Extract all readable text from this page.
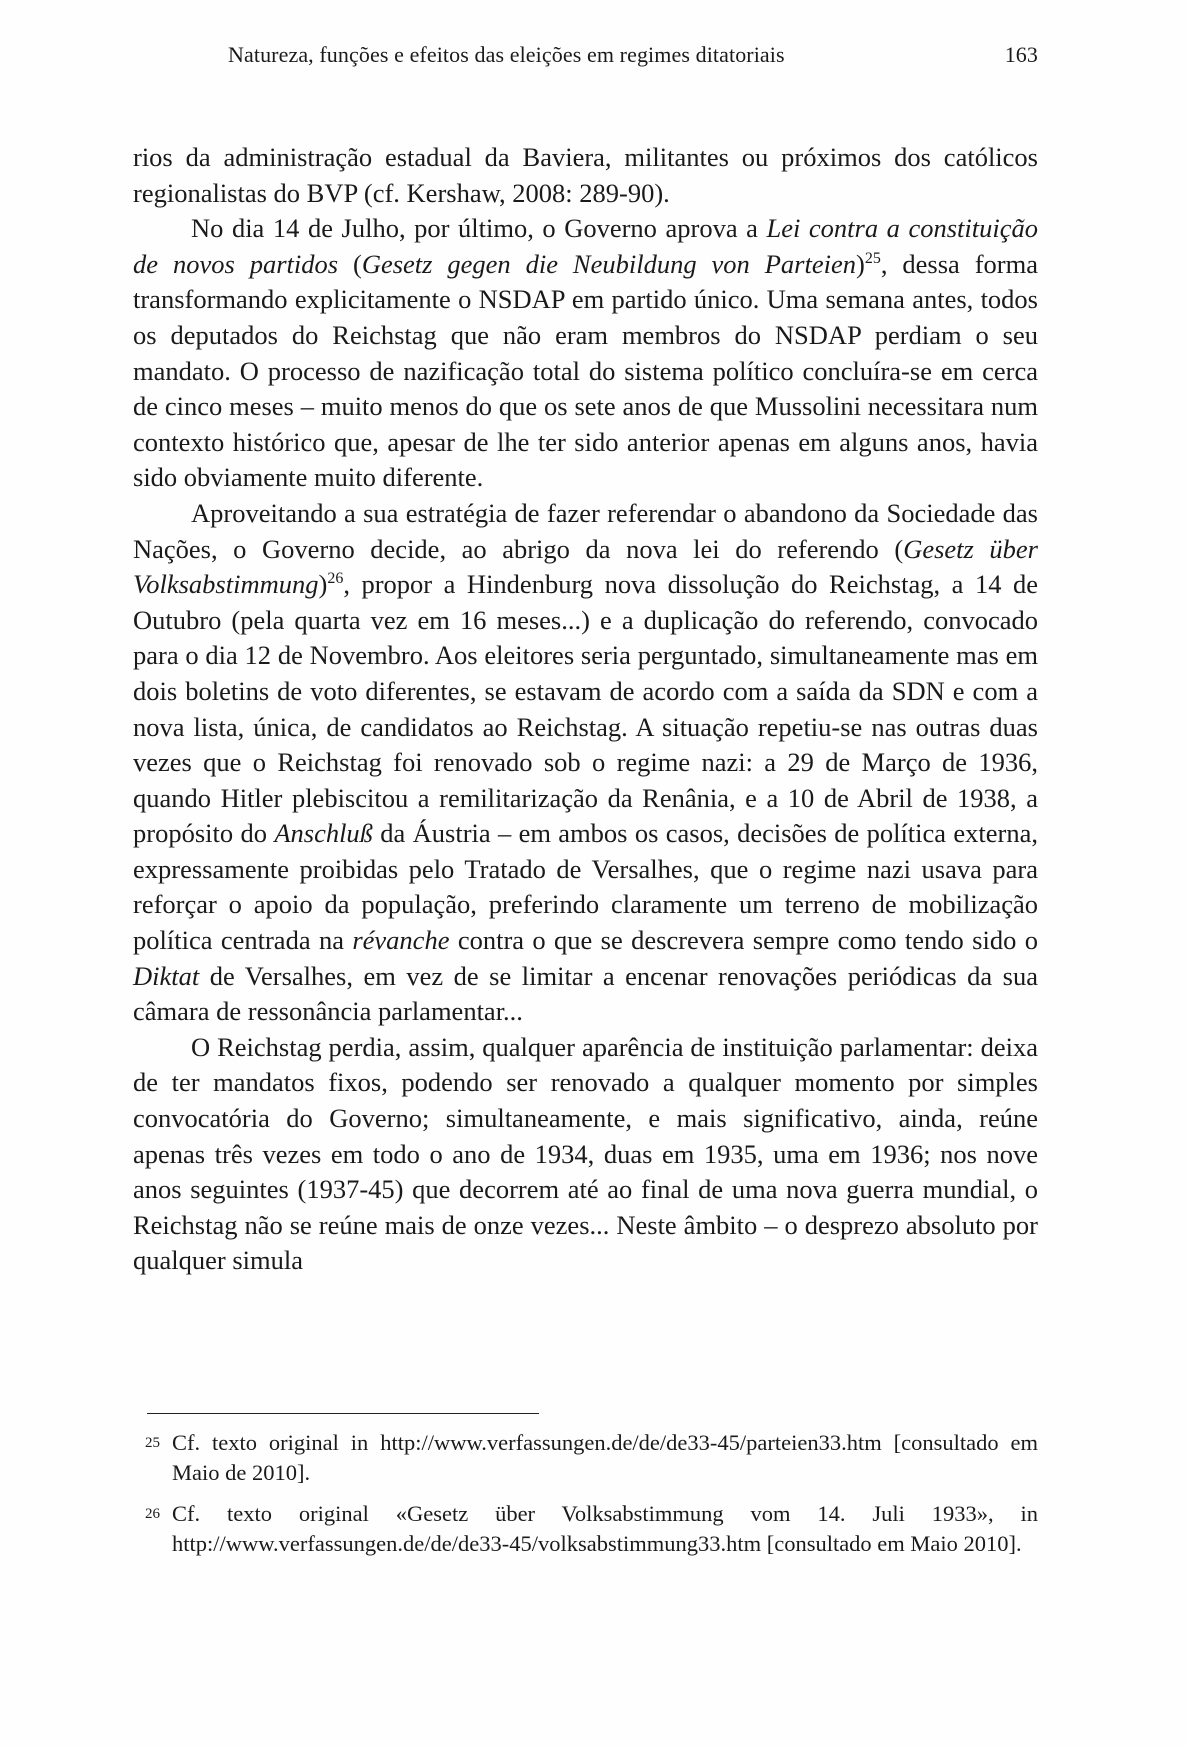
Natureza, funções e efeitos das eleições em regimes ditatoriais	163

rios da administração estadual da Baviera, militantes ou próximos dos católicos regionalistas do BVP (cf. Kershaw, 2008: 289-90).

No dia 14 de Julho, por último, o Governo aprova a Lei contra a constituição de novos partidos (Gesetz gegen die Neubildung von Parteien)$^{25}$, dessa forma transformando explicitamente o NSDAP em partido único. Uma semana antes, todos os deputados do Reichstag que não eram membros do NSDAP perdiam o seu mandato. O processo de nazificação total do sistema político concluíra-se em cerca de cinco meses – muito menos do que os sete anos de que Mussolini necessitara num contexto histórico que, apesar de lhe ter sido anterior apenas em alguns anos, havia sido obviamente muito diferente.

Aproveitando a sua estratégia de fazer referendar o abandono da Sociedade das Nações, o Governo decide, ao abrigo da nova lei do referendo (Gesetz über Volksabstimmung)$^{26}$, propor a Hindenburg nova dissolução do Reichstag, a 14 de Outubro (pela quarta vez em 16 meses...) e a duplicação do referendo, convocado para o dia 12 de Novembro. Aos eleitores seria perguntado, simultaneamente mas em dois boletins de voto diferentes, se estavam de acordo com a saída da SDN e com a nova lista, única, de candidatos ao Reichstag. A situação repetiu-se nas outras duas vezes que o Reichstag foi renovado sob o regime nazi: a 29 de Março de 1936, quando Hitler plebiscitou a remilitarização da Renânia, e a 10 de Abril de 1938, a propósito do Anschluß da Áustria – em ambos os casos, decisões de política externa, expressamente proibidas pelo Tratado de Versalhes, que o regime nazi usava para reforçar o apoio da população, preferindo claramente um terreno de mobilização política centrada na révanche contra o que se descrevera sempre como tendo sido o Diktat de Versalhes, em vez de se limitar a encenar renovações periódicas da sua câmara de ressonância parlamentar...

O Reichstag perdia, assim, qualquer aparência de instituição parlamentar: deixa de ter mandatos fixos, podendo ser renovado a qualquer momento por simples convocatória do Governo; simultaneamente, e mais significativo, ainda, reúne apenas três vezes em todo o ano de 1934, duas em 1935, uma em 1936; nos nove anos seguintes (1937-45) que decorrem até ao final de uma nova guerra mundial, o Reichstag não se reúne mais de onze vezes... Neste âmbito – o desprezo absoluto por qualquer simula

25 Cf. texto original in http://www.verfassungen.de/de/de33-45/parteien33.htm [consultado em Maio de 2010].
26 Cf. texto original «Gesetz über Volksabstimmung vom 14. Juli 1933», in http://www.verfassungen.de/de/de33-45/volksabstimmung33.htm [consultado em Maio 2010].
